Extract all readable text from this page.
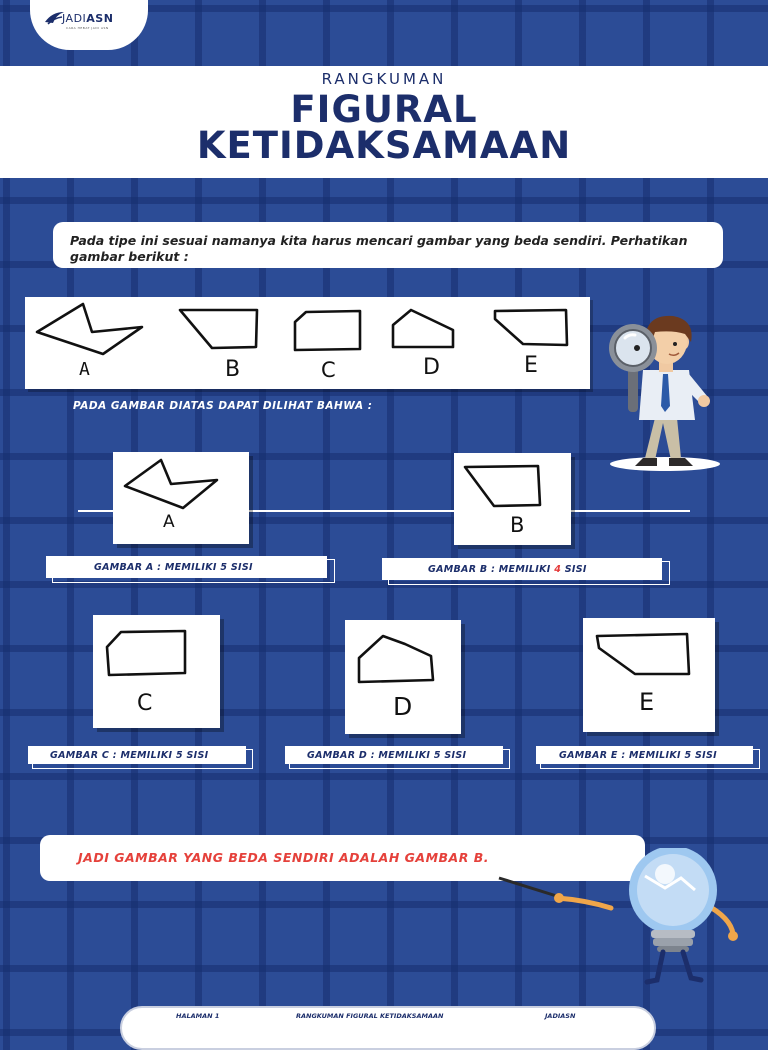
JADIASN
CARA HEBAT JADI ASN
RANGKUMAN
FIGURAL
KETIDAKSAMAAN
Pada tipe ini sesuai namanya kita harus mencari gambar yang beda sendiri. Perhatikan gambar berikut :
A	B	C	D	E
PADA GAMBAR DIATAS DAPAT DILIHAT BAHWA :
A	B
GAMBAR A : MEMILIKI 5 SISI	GAMBAR B : MEMILIKI 4 SISI
C	D	E
GAMBAR C : MEMILIKI 5 SISI	GAMBAR D : MEMILIKI 5 SISI	GAMBAR E : MEMILIKI 5 SISI
JADI GAMBAR YANG BEDA SENDIRI ADALAH GAMBAR B.
HALAMAN 1	RANGKUMAN FIGURAL KETIDAKSAMAAN	JADIASN
